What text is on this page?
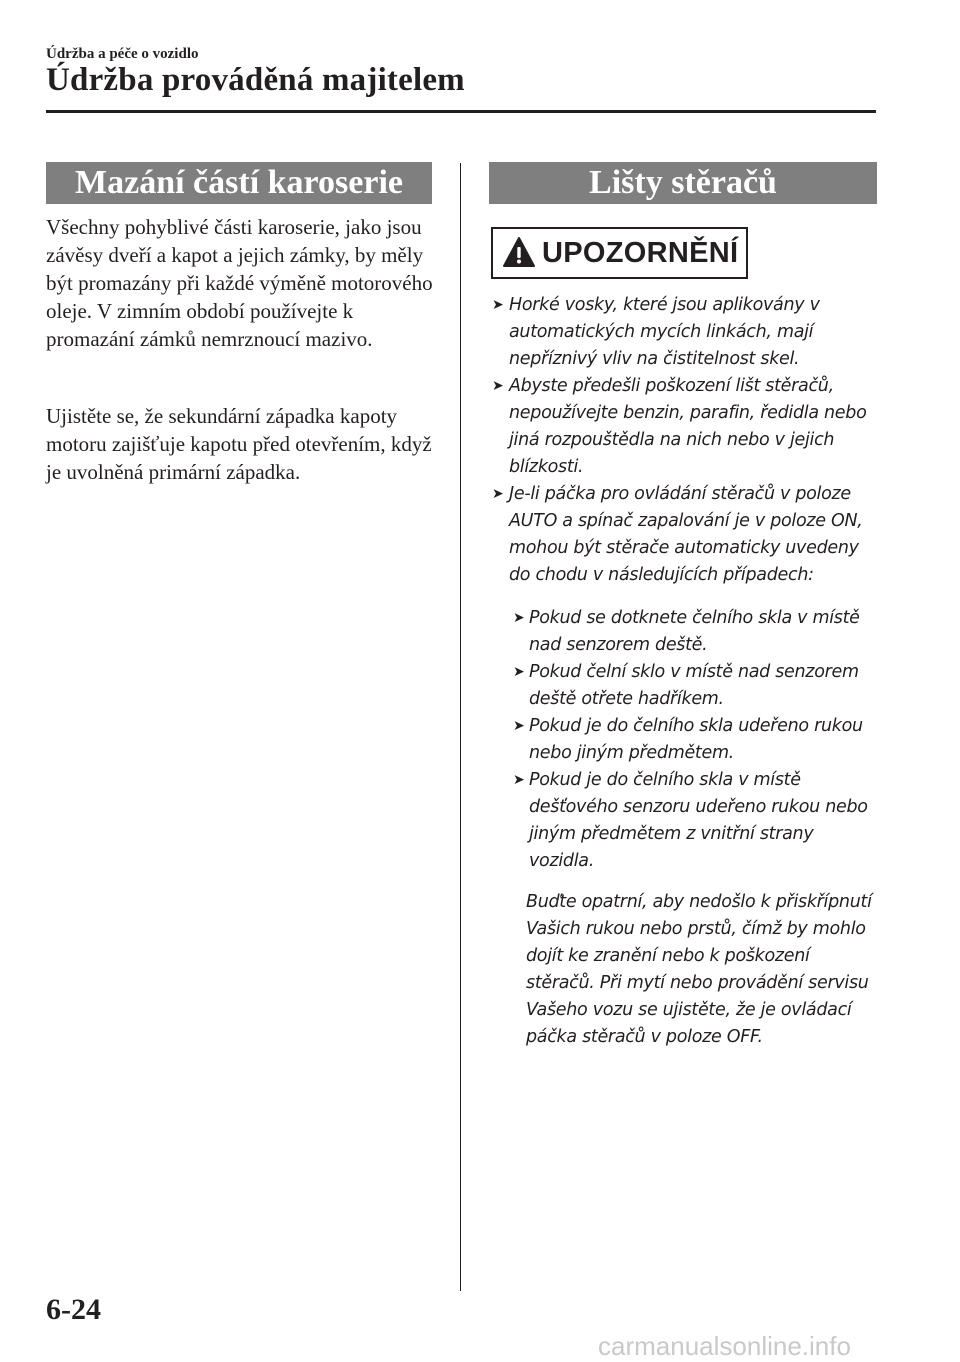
Údržba a péče o vozidlo
Údržba prováděná majitelem
Mazání částí karoserie

Všechny pohyblivé části karoserie, jako jsou závěsy dveří a kapot a jejich zámky, by měly být promazány při každé výměně motorového oleje. V zimním období používejte k promazání zámků nemrznoucí mazivo.

Ujistěte se, že sekundární západka kapoty motoru zajišťuje kapotu před otevřením, když je uvolněná primární západka.

Lišty stěračů
UPOZORNĚNÍ
➤ Horké vosky, které jsou aplikovány v automatických mycích linkách, mají nepříznivý vliv na čistitelnost skel.
➤ Abyste předešli poškození lišt stěračů, nepoužívejte benzin, parafin, ředidla nebo jiná rozpouštědla na nich nebo v jejich blízkosti.
➤ Je-li páčka pro ovládání stěračů v poloze AUTO a spínač zapalování je v poloze ON, mohou být stěrače automaticky uvedeny do chodu v následujících případech:
➤ Pokud se dotknete čelního skla v místě nad senzorem deště.
➤ Pokud čelní sklo v místě nad senzorem deště otřete hadříkem.
➤ Pokud je do čelního skla udeřeno rukou nebo jiným předmětem.
➤ Pokud je do čelního skla v místě dešťového senzoru udeřeno rukou nebo jiným předmětem z vnitřní strany vozidla.
Buďte opatrní, aby nedošlo k přiskřípnutí Vašich rukou nebo prstů, čímž by mohlo dojít ke zranění nebo k poškození stěračů. Při mytí nebo provádění servisu Vašeho vozu se ujistěte, že je ovládací páčka stěračů v poloze OFF.
6-24
carmanualsonline.info
